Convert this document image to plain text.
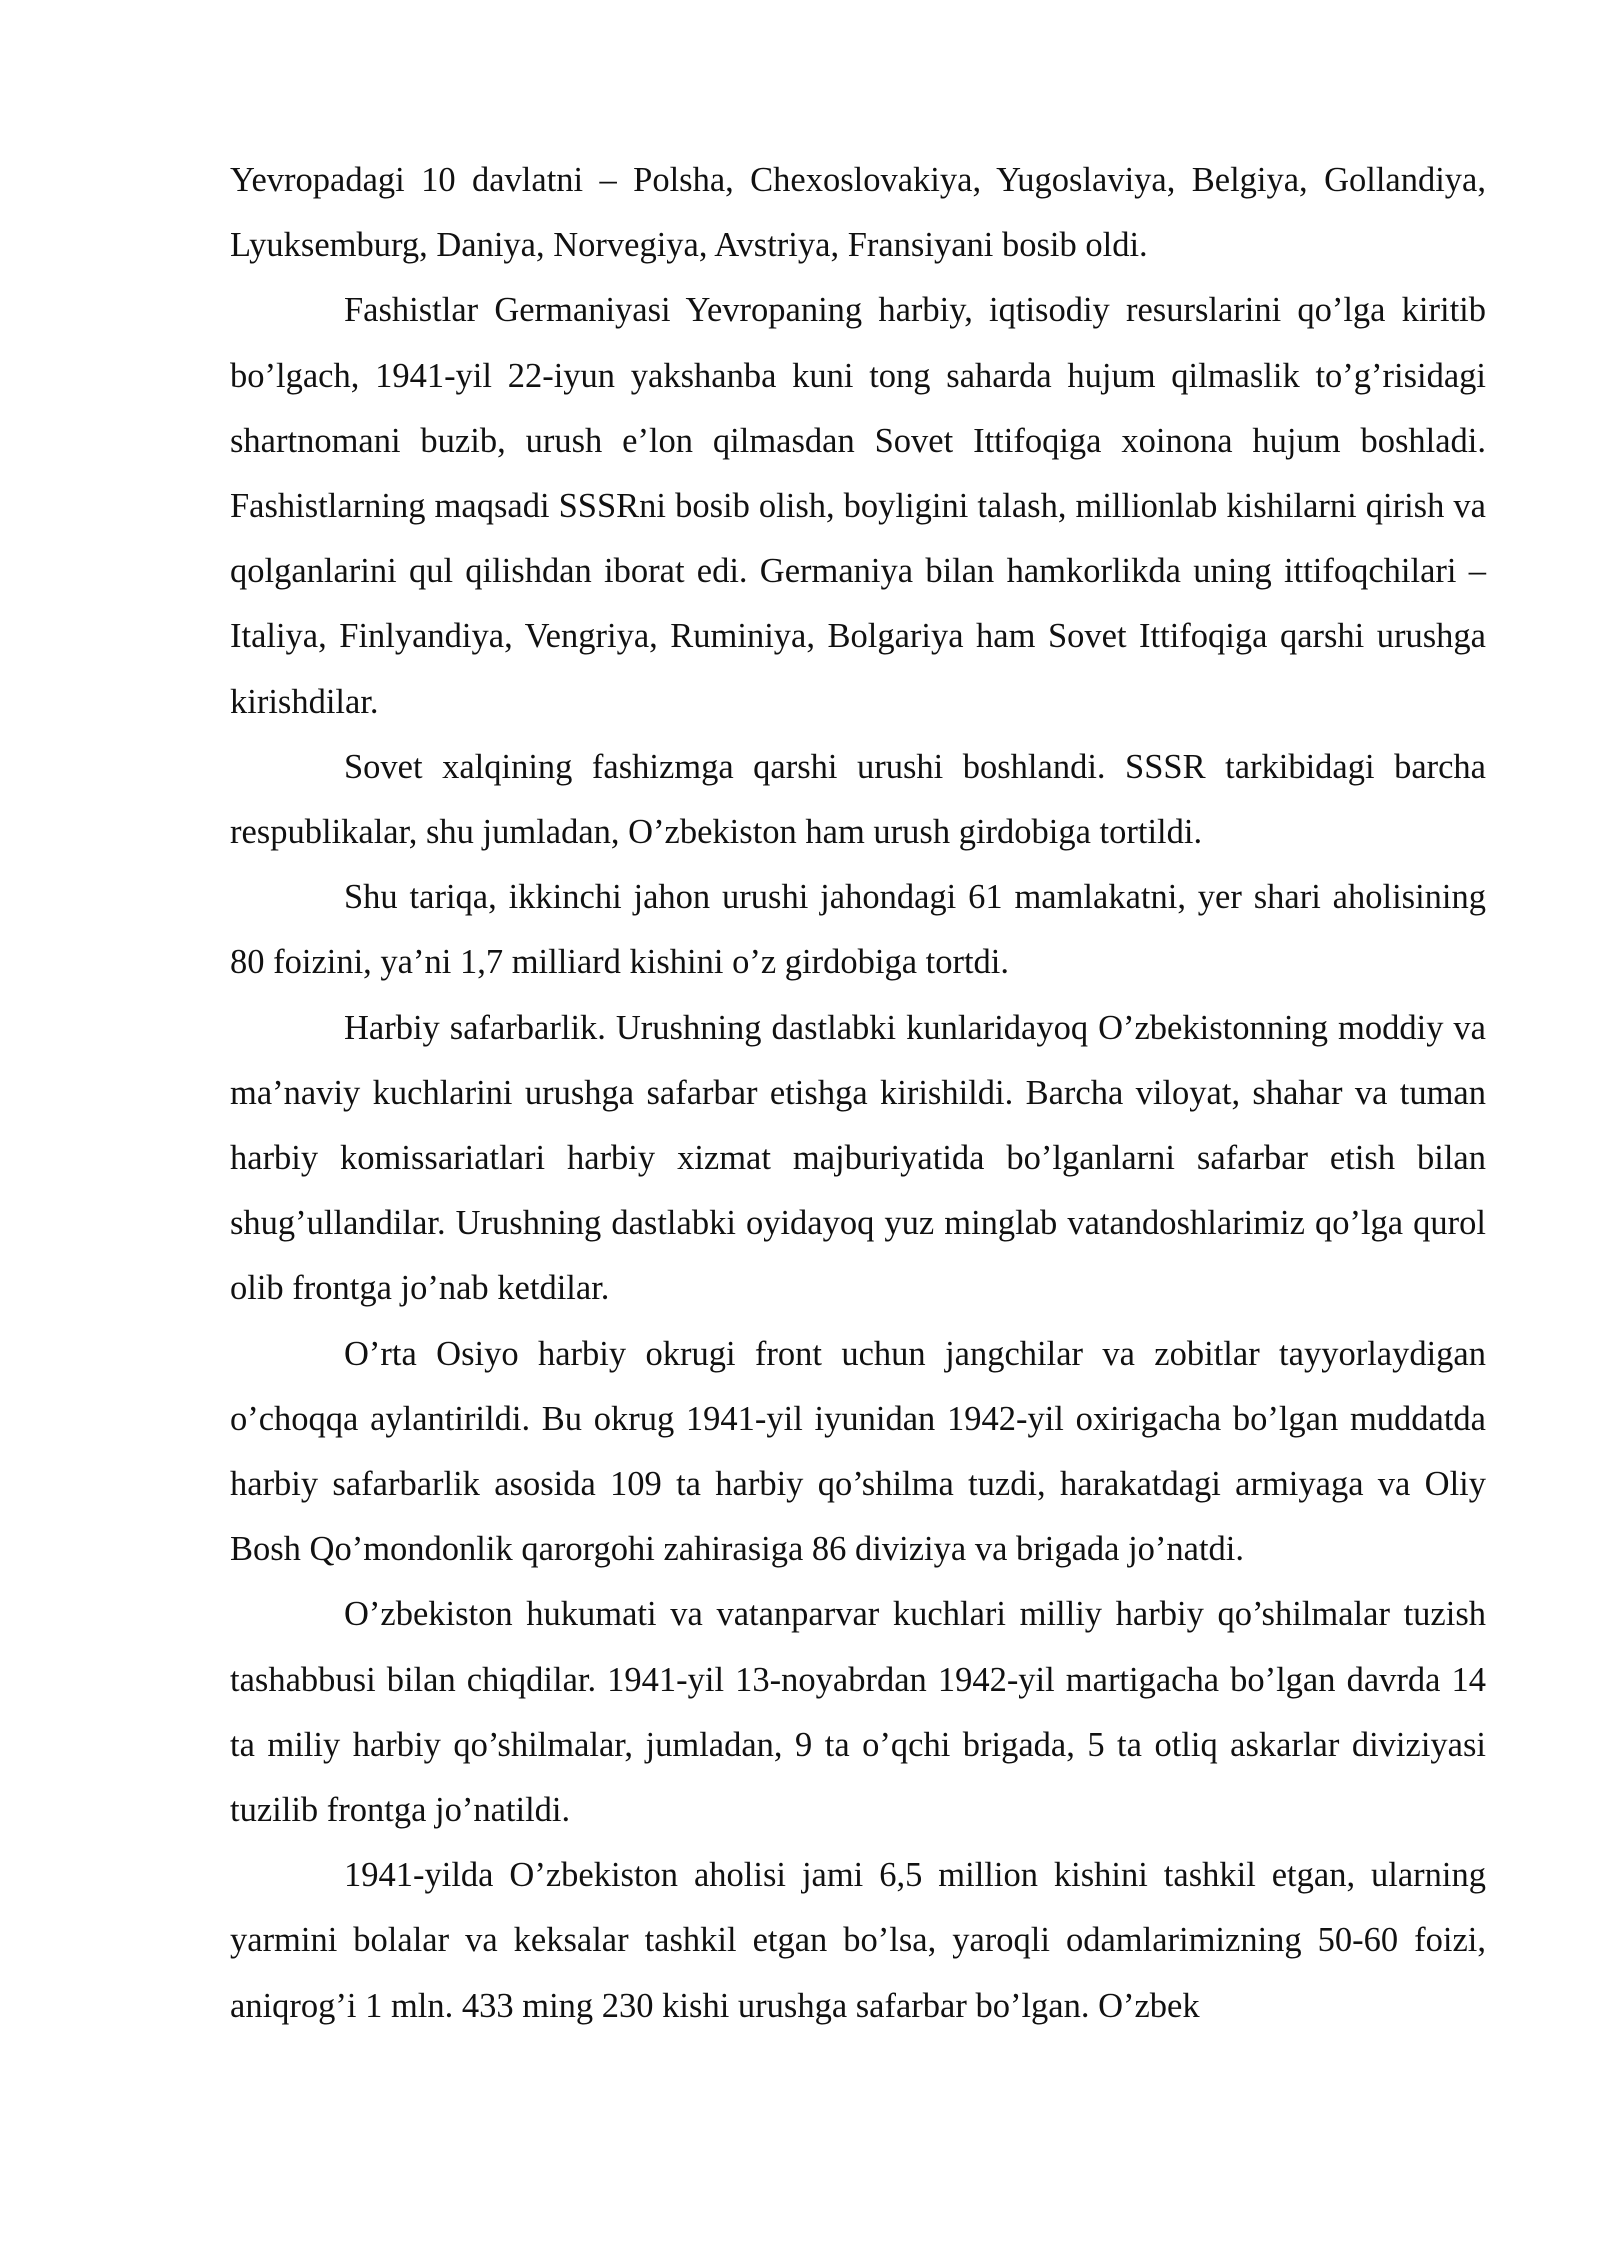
Yevropadagi 10 davlatni – Polsha, Chexoslovakiya, Yugoslaviya, Belgiya, Gollandiya, Lyuksemburg, Daniya, Norvegiya, Avstriya, Fransiyani bosib oldi.

Fashistlar Germaniyasi Yevropaning harbiy, iqtisodiy resurslarini qo’lga kiritib bo’lgach, 1941-yil 22-iyun yakshanba kuni tong saharda hujum qilmaslik to’g’risidagi shartnomani buzib, urush e’lon qilmasdan Sovet Ittifoqiga xoinona hujum boshladi. Fashistlarning maqsadi SSSRni bosib olish, boyligini talash, millionlab kishilarni qirish va qolganlarini qul qilishdan iborat edi. Germaniya bilan hamkorlikda uning ittifoqchilari – Italiya, Finlyandiya, Vengriya, Ruminiya, Bolgariya ham Sovet Ittifoqiga qarshi urushga kirishdilar.

Sovet xalqining fashizmga qarshi urushi boshlandi. SSSR tarkibidagi barcha respublikalar, shu jumladan, O’zbekiston ham urush girdobiga tortildi.

Shu tariqa, ikkinchi jahon urushi jahondagi 61 mamlakatni, yer shari aholisining 80 foizini, ya’ni 1,7 milliard kishini o’z girdobiga tortdi.

Harbiy safarbarlik. Urushning dastlabki kunlaridayoq O’zbekistonning moddiy va ma’naviy kuchlarini urushga safarbar etishga kirishildi. Barcha viloyat, shahar va tuman harbiy komissariatlari harbiy xizmat majburiyatida bo’lganlarni safarbar etish bilan shug’ullandilar. Urushning dastlabki oyidayoq yuz minglab vatandoshlarimiz qo’lga qurol olib frontga jo’nab ketdilar.

O’rta Osiyo harbiy okrugi front uchun jangchilar va zobitlar tayyorlaydigan o’choqqa aylantirildi. Bu okrug 1941-yil iyunidan 1942-yil oxirigacha bo’lgan muddatda harbiy safarbarlik asosida 109 ta harbiy qo’shilma tuzdi, harakatdagi armiyaga va Oliy Bosh Qo’mondonlik qarorgohi zahirasiga 86 diviziya va brigada jo’natdi.

O’zbekiston hukumati va vatanparvar kuchlari milliy harbiy qo’shilmalar tuzish tashabbusi bilan chiqdilar. 1941-yil 13-noyabrdan 1942-yil martigacha bo’lgan davrda 14 ta miliy harbiy qo’shilmalar, jumladan, 9 ta o’qchi brigada, 5 ta otliq askarlar diviziyasi tuzilib frontga jo’natildi.

1941-yilda O’zbekiston aholisi jami 6,5 million kishini tashkil etgan, ularning yarmini bolalar va keksalar tashkil etgan bo’lsa, yaroqli odamlarimizning 50-60 foizi, aniqrog’i 1 mln. 433 ming 230 kishi urushga safarbar bo’lgan. O’zbek
